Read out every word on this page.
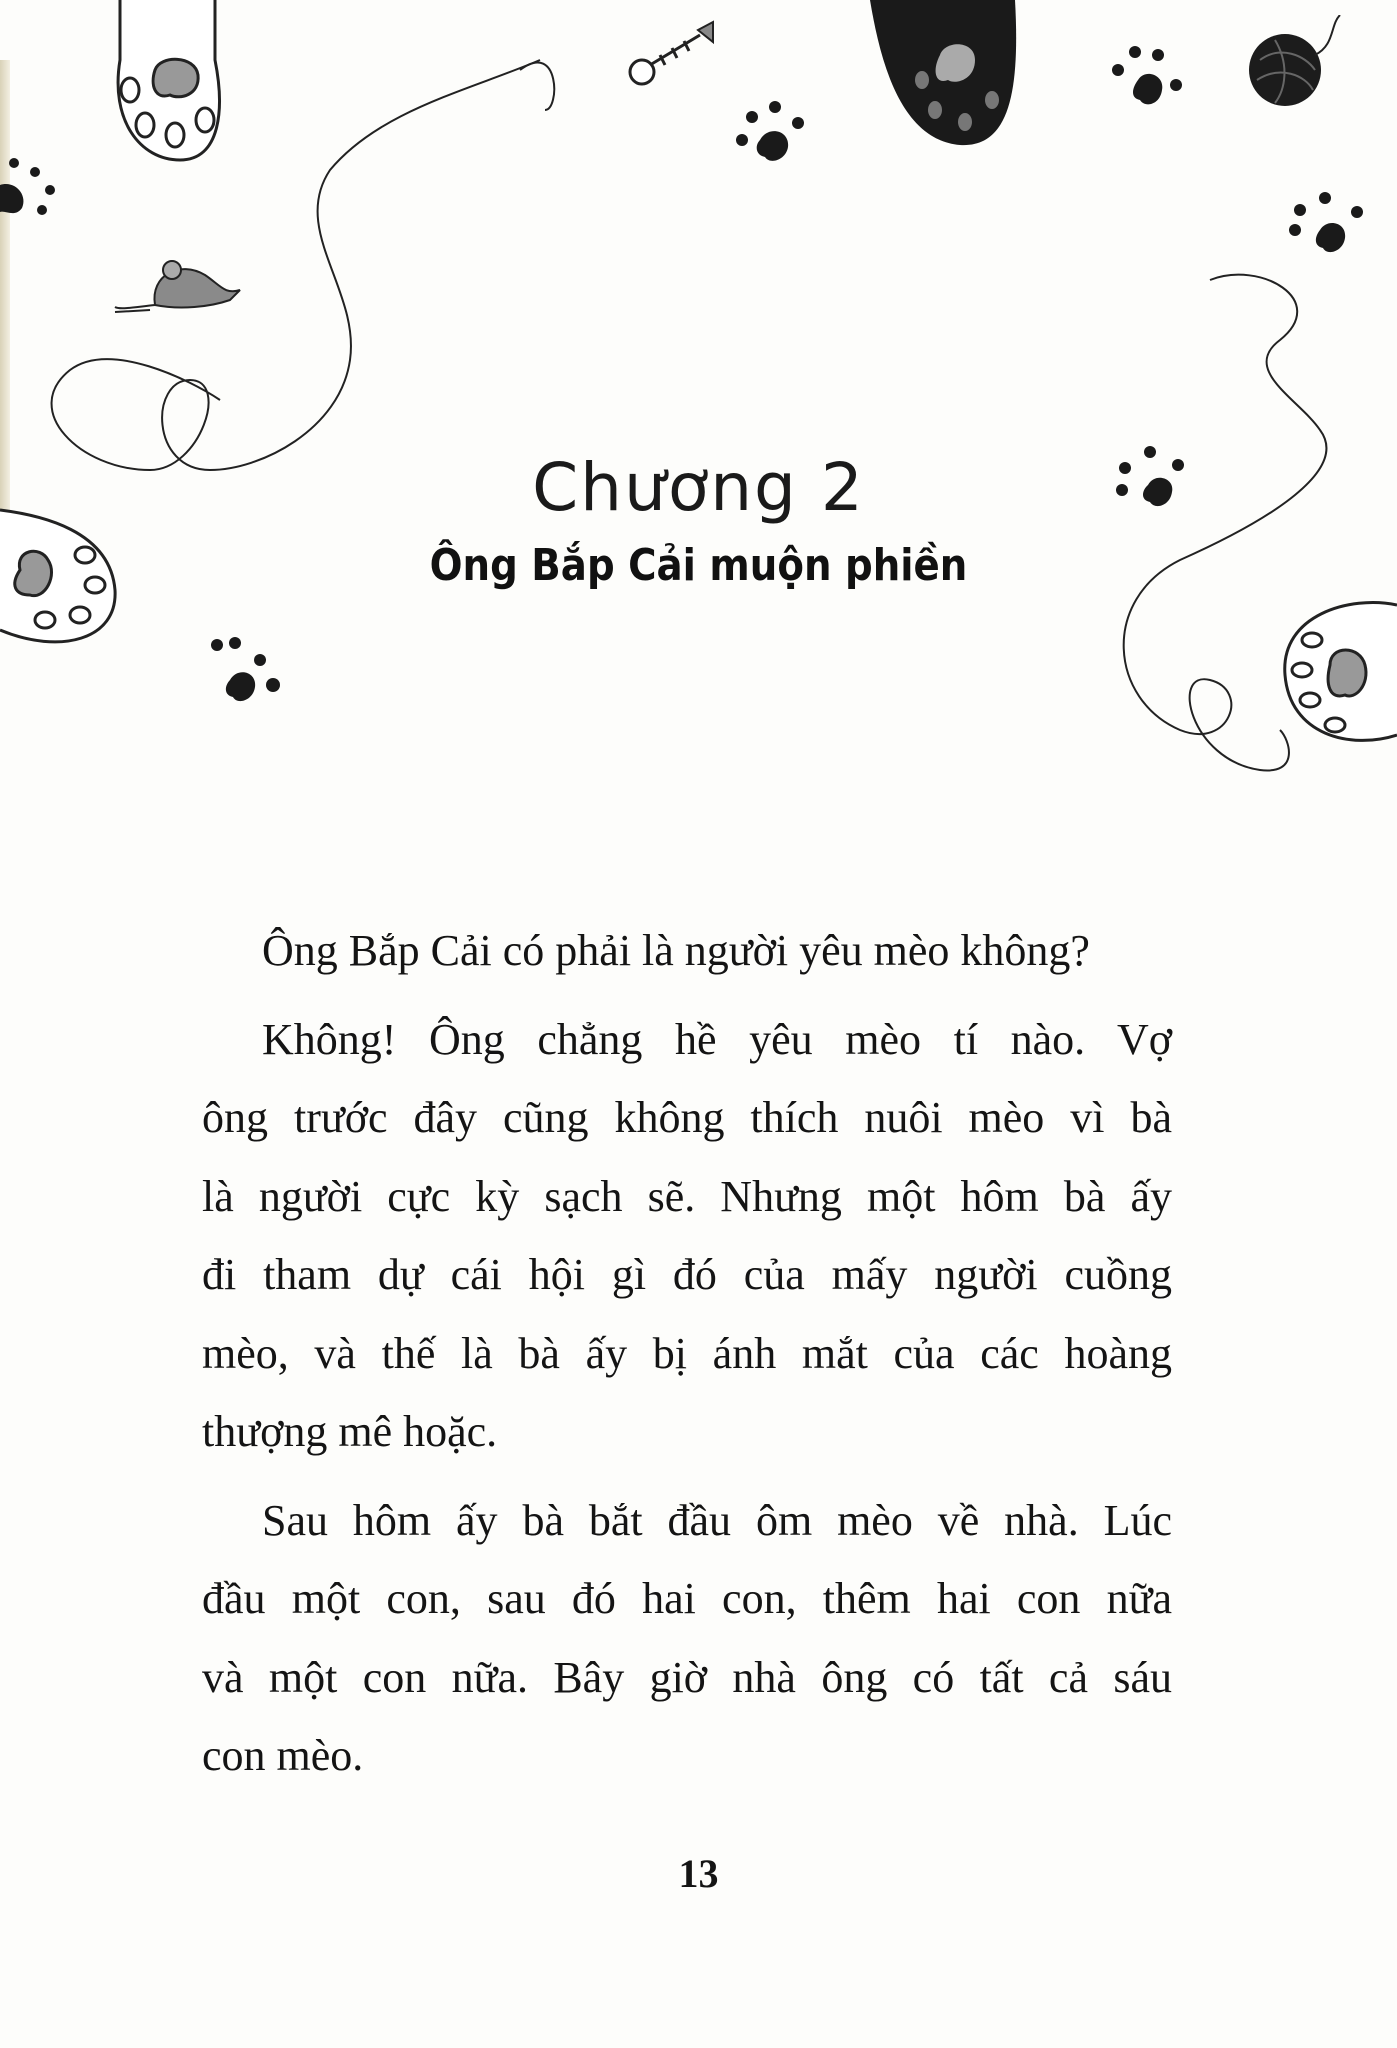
Chương 2
Ông Bắp Cải muộn phiền
Ông Bắp Cải có phải là người yêu mèo không?
Không! Ông chẳng hề yêu mèo tí nào. Vợ
ông trước đây cũng không thích nuôi mèo vì bà
là người cực kỳ sạch sẽ. Nhưng một hôm bà ấy
đi tham dự cái hội gì đó của mấy người cuồng
mèo, và thế là bà ấy bị ánh mắt của các hoàng
thượng mê hoặc.
Sau hôm ấy bà bắt đầu ôm mèo về nhà. Lúc
đầu một con, sau đó hai con, thêm hai con nữa
và một con nữa. Bây giờ nhà ông có tất cả sáu
con mèo.
13
